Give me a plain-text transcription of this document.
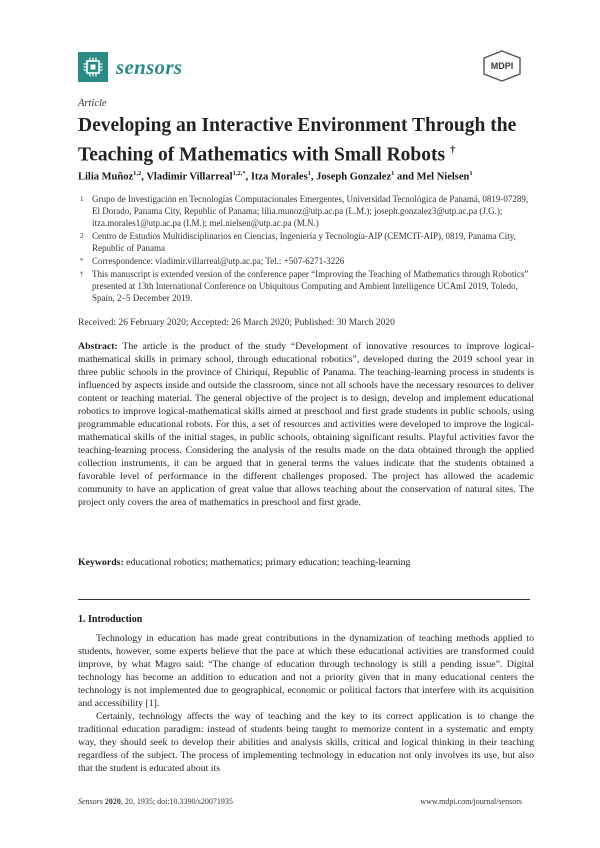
sensors	MDPI
Article
Developing an Interactive Environment Through the Teaching of Mathematics with Small Robots †
Lilia Muñoz$^{1,2}$, Vladimir Villarreal$^{1,2,*}$, Itza Morales$^1$, Joseph Gonzalez$^1$ and Mel Nielsen$^1$
1 Grupo de Investigación en Tecnologías Computacionales Emergentes, Universidad Tecnológica de Panamá, 0819-07289, El Dorado, Panama City, Republic of Panama; lilia.munoz@utp.ac.pa (L.M.); joseph.gonzalez3@utp.ac.pa (J.G.); itza.morales1@utp.ac.pa (I.M.); mel.nielsen@utp.ac.pa (M.N.)
2 Centro de Estudios Multidisciplinarios en Ciencias, Ingeniería y Tecnología-AIP (CEMCIT-AIP), 0819, Panama City, Republic of Panama
* Correspondence: vladimir.villarreal@utp.ac.pa; Tel.: +507-6271-3226
† This manuscript is extended version of the conference paper “Improving the Teaching of Mathematics through Robotics” presented at 13th International Conference on Ubiquitous Computing and Ambient Intelligence UCAmI 2019, Toledo, Spain, 2–5 December 2019.
Received: 26 February 2020; Accepted: 26 March 2020; Published: 30 March 2020
Abstract: The article is the product of the study “Development of innovative resources to improve logical-mathematical skills in primary school, through educational robotics”, developed during the 2019 school year in three public schools in the province of Chiriquí, Republic of Panama. The teaching-learning process in students is influenced by aspects inside and outside the classroom, since not all schools have the necessary resources to deliver content or teaching material. The general objective of the project is to design, develop and implement educational robotics to improve logical-mathematical skills aimed at preschool and first grade students in public schools, using programmable educational robots. For this, a set of resources and activities were developed to improve the logical-mathematical skills of the initial stages, in public schools, obtaining significant results. Playful activities favor the teaching-learning process. Considering the analysis of the results made on the data obtained through the applied collection instruments, it can be argued that in general terms the values indicate that the students obtained a favorable level of performance in the different challenges proposed. The project has allowed the academic community to have an application of great value that allows teaching about the conservation of natural sites. The project only covers the area of mathematics in preschool and first grade.
Keywords: educational robotics; mathematics; primary education; teaching-learning
1. Introduction

Technology in education has made great contributions in the dynamization of teaching methods applied to students, however, some experts believe that the pace at which these educational activities are transformed could improve, by what Magro said: “The change of education through technology is still a pending issue”. Digital technology has become an addition to education and not a priority given that in many educational centers the technology is not implemented due to geographical, economic or political factors that interfere with its acquisition and accessibility [1].

Certainly, technology affects the way of teaching and the key to its correct application is to change the traditional education paradigm: instead of students being taught to memorize content in a systematic and empty way, they should seek to develop their abilities and analysis skills, critical and logical thinking in their teaching regardless of the subject. The process of implementing technology in education not only involves its use, but also that the student is educated about its

Sensors 2020, 20, 1935; doi:10.3390/s20071935	www.mdpi.com/journal/sensors
